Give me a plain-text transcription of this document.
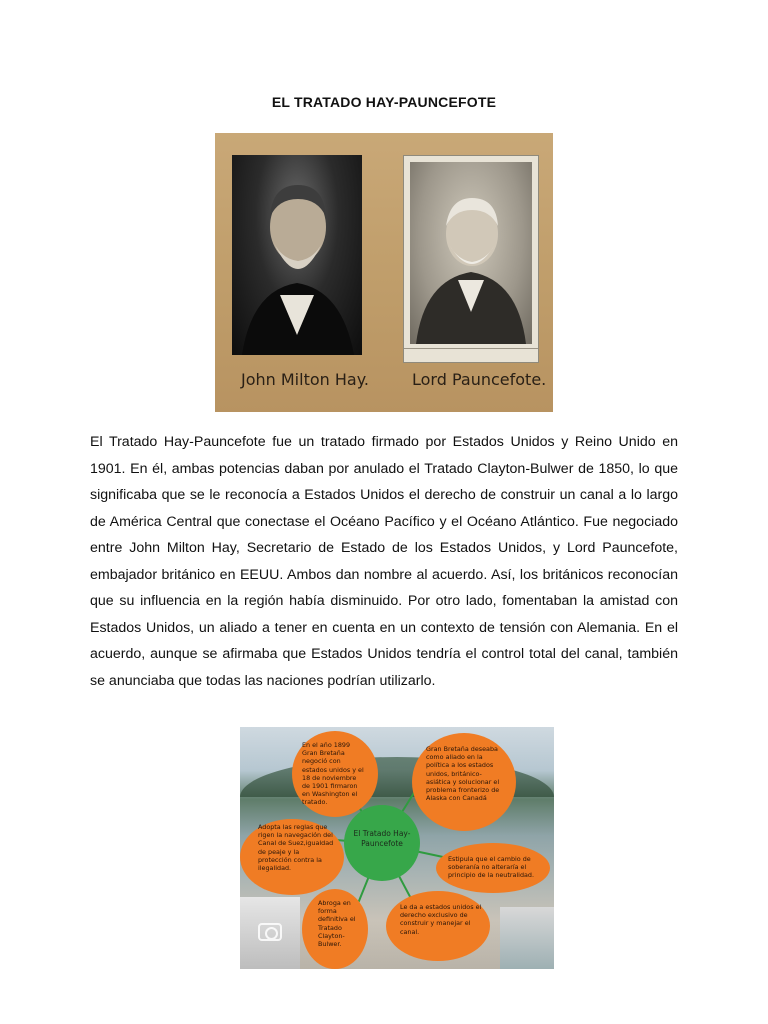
EL TRATADO HAY-PAUNCEFOTE
John Milton Hay.	Lord Pauncefote.

El Tratado Hay-Pauncefote fue un tratado firmado por Estados Unidos y Reino Unido en 1901. En él, ambas potencias daban por anulado el Tratado Clayton-Bulwer de 1850, lo que significaba que se le reconocía a Estados Unidos el derecho de construir un canal a lo largo de América Central que conectase el Océano Pacífico y el Océano Atlántico. Fue negociado entre John Milton Hay, Secretario de Estado de los Estados Unidos, y Lord Pauncefote, embajador británico en EEUU. Ambos dan nombre al acuerdo. Así, los británicos reconocían que su influencia en la región había disminuido. Por otro lado, fomentaban la amistad con Estados Unidos, un aliado a tener en cuenta en un contexto de tensión con Alemania. En el acuerdo, aunque se afirmaba que Estados Unidos tendría el control total del canal, también se anunciaba que todas las naciones podrían utilizarlo.

En el año 1899 Gran Bretaña negoció con estados unidos y el 18 de noviembre de 1901 firmaron en Washington el tratado.
Gran Bretaña deseaba como aliado en la política a los estados unidos, británico-asiática y solucionar el problema fronterizo de Alaska con Canadá
Adopta las reglas que rigen la navegación del Canal de Suez,igualdad de peaje y la protección contra la ilegalidad.
Estipula que el cambio de soberanía no alteraría el principio de la neutralidad.
Abroga en forma definitiva el Tratado Clayton-Bulwer.
Le da a estados unidos el derecho exclusivo de construir y manejar el canal.
El Tratado Hay-Pauncefote
